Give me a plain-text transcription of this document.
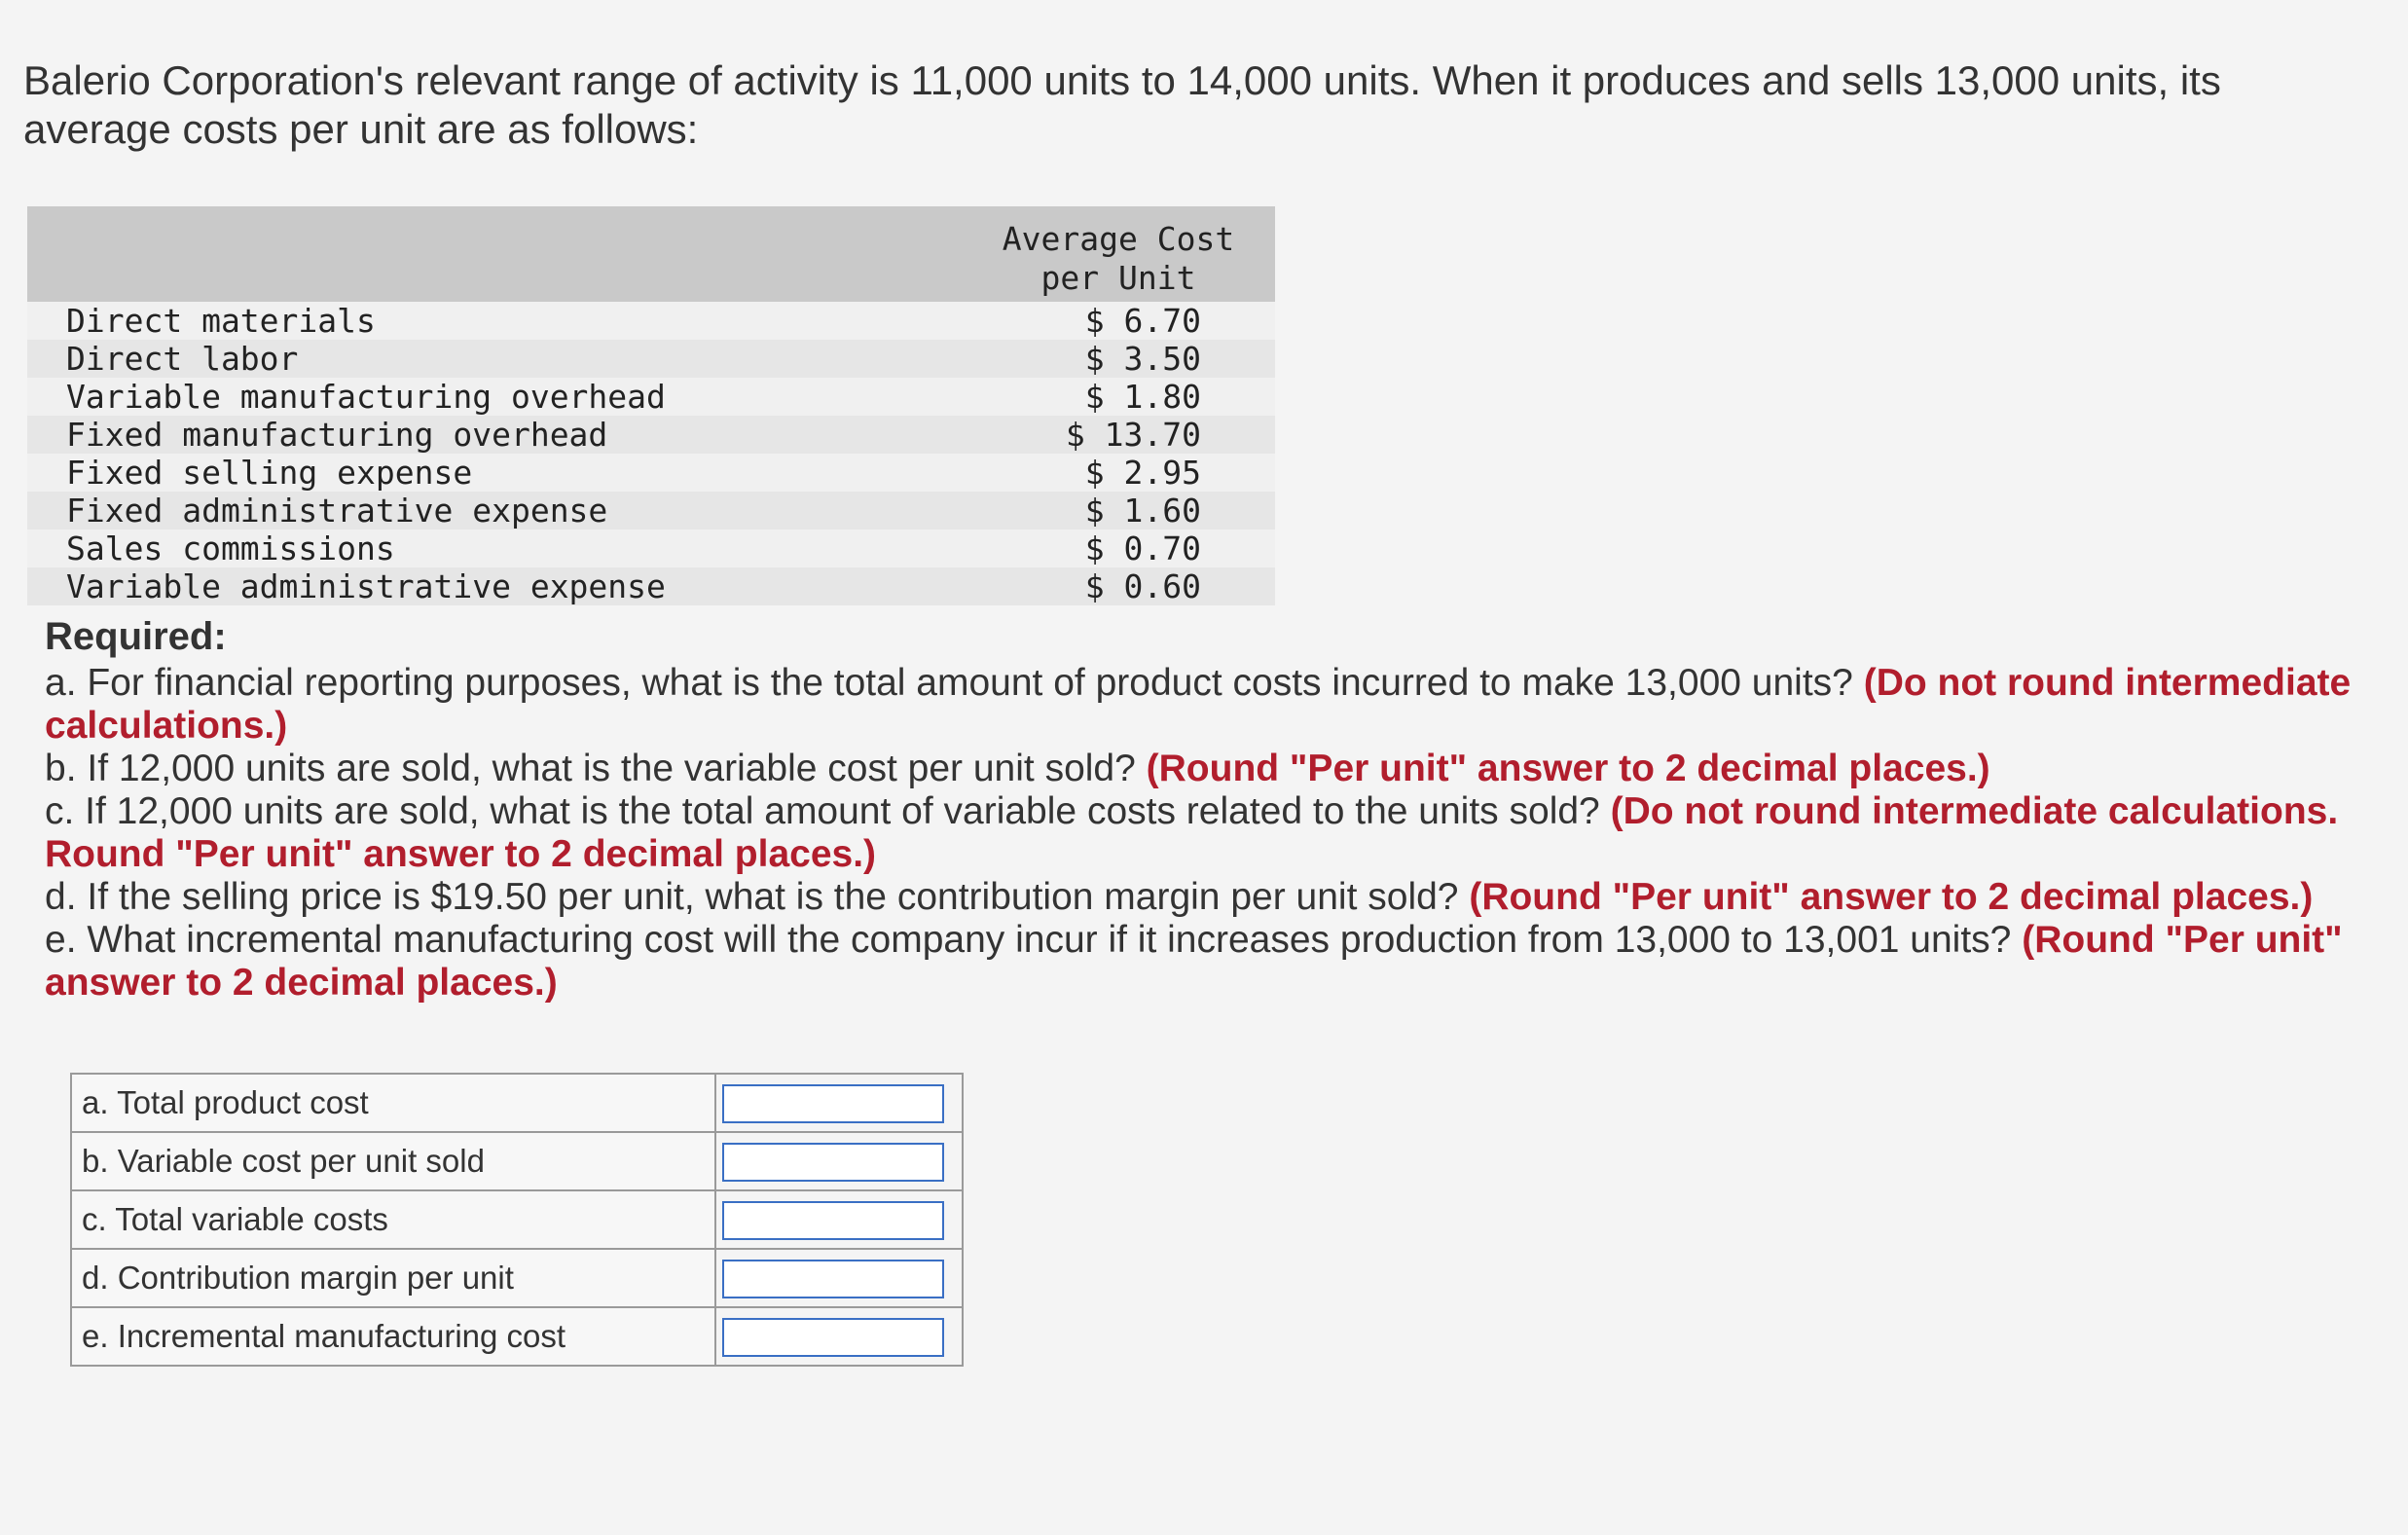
Balerio Corporation's relevant range of activity is 11,000 units to 14,000 units. When it produces and sells 13,000 units, its average costs per unit are as follows:
	Average Cost per Unit
Direct materials	$ 6.70
Direct labor	$ 3.50
Variable manufacturing overhead	$ 1.80
Fixed manufacturing overhead	$ 13.70
Fixed selling expense	$ 2.95
Fixed administrative expense	$ 1.60
Sales commissions	$ 0.70
Variable administrative expense	$ 0.60
Required:
a. For financial reporting purposes, what is the total amount of product costs incurred to make 13,000 units? (Do not round intermediate calculations.)
b. If 12,000 units are sold, what is the variable cost per unit sold? (Round "Per unit" answer to 2 decimal places.)
c. If 12,000 units are sold, what is the total amount of variable costs related to the units sold? (Do not round intermediate calculations. Round "Per unit" answer to 2 decimal places.)
d. If the selling price is $19.50 per unit, what is the contribution margin per unit sold? (Round "Per unit" answer to 2 decimal places.)
e. What incremental manufacturing cost will the company incur if it increases production from 13,000 to 13,001 units? (Round "Per unit" answer to 2 decimal places.)
a. Total product cost	
b. Variable cost per unit sold	
c. Total variable costs	
d. Contribution margin per unit	
e. Incremental manufacturing cost	
